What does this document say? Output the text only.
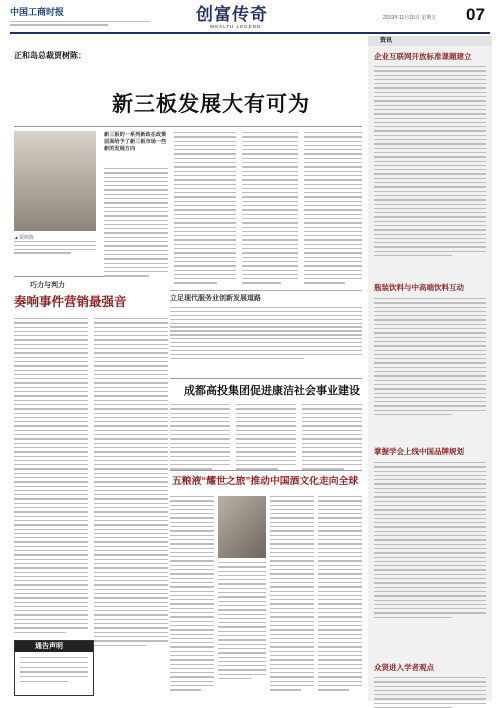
中国工商时报	创富传奇
WEALTH LEGEND
2019年11月15日 星期五 07
资讯
企业互联网开放标准课题建立
瓶装饮料与中高端饮料互动
掌握学会上线中国品牌规划
众贤进入学者观点
正和岛总裁贾树陈：
新三板发展大有可为
▲贾树陈
新三板的一系列新政在政策层面给予了新三板市场一些新的发展方向
巧力与判力
奏响事件营销最强音
通告声明
立足现代服务业创新发展道路
成都高投集团促进康洁社会事业建设
五粮液“耀世之旅”推动中国酒文化走向全球
